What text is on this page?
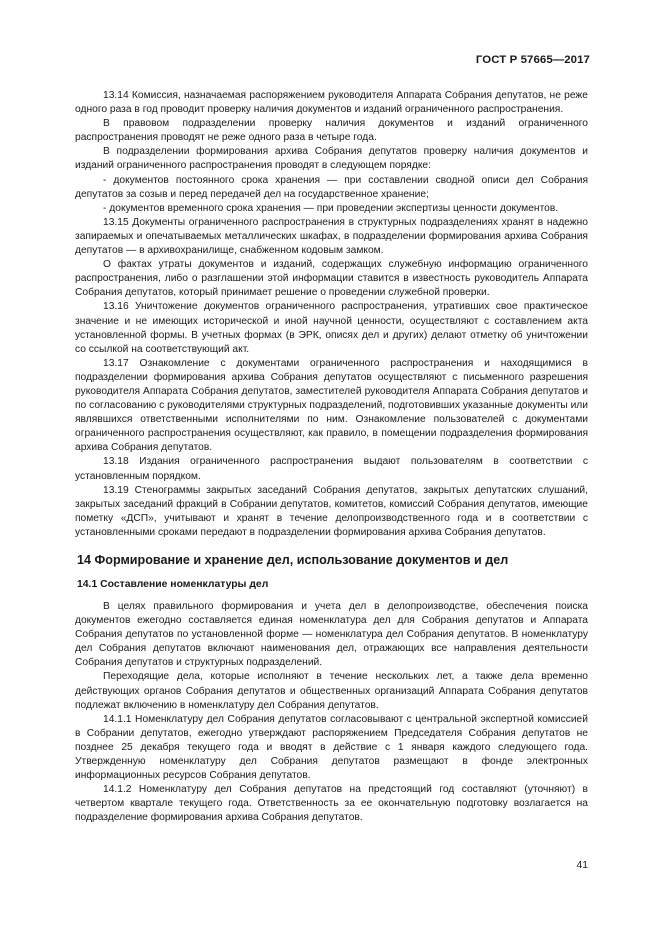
ГОСТ Р 57665—2017

13.14 Комиссия, назначаемая распоряжением руководителя Аппарата Собрания депутатов, не реже одного раза в год проводит проверку наличия документов и изданий ограниченного распространения.

В правовом подразделении проверку наличия документов и изданий ограниченного распространения проводят не реже одного раза в четыре года.

В подразделении формирования архива Собрания депутатов проверку наличия документов и изданий ограниченного распространения проводят в следующем порядке:

- документов постоянного срока хранения — при составлении сводной описи дел Собрания депутатов за созыв и перед передачей дел на государственное хранение;

- документов временного срока хранения — при проведении экспертизы ценности документов.

13.15 Документы ограниченного распространения в структурных подразделениях хранят в надежно запираемых и опечатываемых металлических шкафах, в подразделении формирования архива Собрания депутатов — в архивохранилище, снабженном кодовым замком.

О фактах утраты документов и изданий, содержащих служебную информацию ограниченного распространения, либо о разглашении этой информации ставится в известность руководитель Аппарата Собрания депутатов, который принимает решение о проведении служебной проверки.

13.16 Уничтожение документов ограниченного распространения, утративших свое практическое значение и не имеющих исторической и иной научной ценности, осуществляют с составлением акта установленной формы. В учетных формах (в ЭРК, описях дел и других) делают отметку об уничтожении со ссылкой на соответствующий акт.

13.17 Ознакомление с документами ограниченного распространения и находящимися в подразделении формирования архива Собрания депутатов осуществляют с письменного разрешения руководителя Аппарата Собрания депутатов, заместителей руководителя Аппарата Собрания депутатов и по согласованию с руководителями структурных подразделений, подготовивших указанные документы или являвшихся ответственными исполнителями по ним. Ознакомление пользователей с документами ограниченного распространения осуществляют, как правило, в помещении подразделения формирования архива Собрания депутатов.

13.18 Издания ограниченного распространения выдают пользователям в соответствии с установленным порядком.

13.19 Стенограммы закрытых заседаний Собрания депутатов, закрытых депутатских слушаний, закрытых заседаний фракций в Собрании депутатов, комитетов, комиссий Собрания депутатов, имеющие пометку «ДСП», учитывают и хранят в течение делопроизводственного года и в соответствии с установленными сроками передают в подразделении формирования архива Собрания депутатов.

14 Формирование и хранение дел, использование документов и дел
14.1 Составление номенклатуры дел

В целях правильного формирования и учета дел в делопроизводстве, обеспечения поиска документов ежегодно составляется единая номенклатура дел для Собрания депутатов и Аппарата Собрания депутатов по установленной форме — номенклатура дел Собрания депутатов. В номенклатуру дел Собрания депутатов включают наименования дел, отражающих все направления деятельности Собрания депутатов и структурных подразделений.

Переходящие дела, которые исполняют в течение нескольких лет, а также дела временно действующих органов Собрания депутатов и общественных организаций Аппарата Собрания депутатов подлежат включению в номенклатуру дел Собрания депутатов.

14.1.1 Номенклатуру дел Собрания депутатов согласовывают с центральной экспертной комиссией в Собрании депутатов, ежегодно утверждают распоряжением Председателя Собрания депутатов не позднее 25 декабря текущего года и вводят в действие с 1 января каждого следующего года. Утвержденную номенклатуру дел Собрания депутатов размещают в фонде электронных информационных ресурсов Собрания депутатов.

14.1.2 Номенклатуру дел Собрания депутатов на предстоящий год составляют (уточняют) в четвертом квартале текущего года. Ответственность за ее окончательную подготовку возлагается на подразделение формирования архива Собрания депутатов.

41
